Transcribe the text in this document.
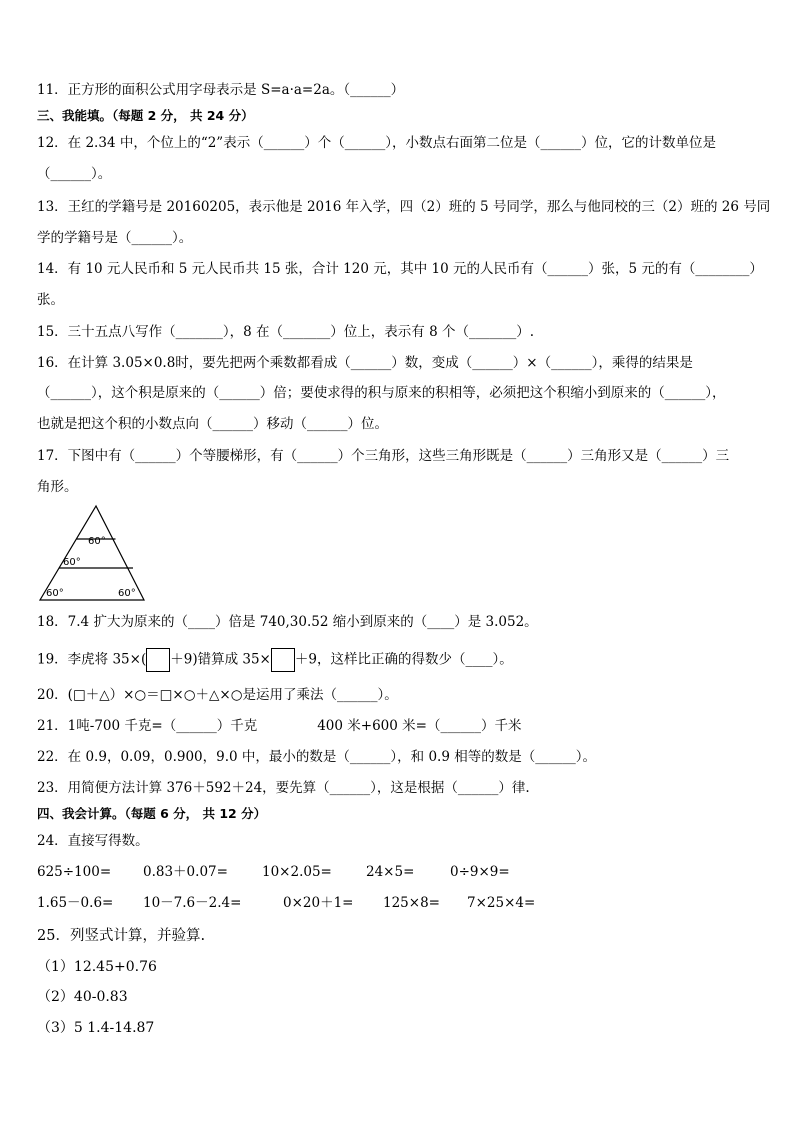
11．正方形的面积公式用字母表示是 S=a·a=2a。（______）
三、我能填。（每题 2 分， 共 24 分）
12．在 2.34 中，个位上的“2”表示（______）个（______），小数点右面第二位是（______）位，它的计数单位是
（______）。
13．王红的学籍号是 20160205，表示他是 2016 年入学，四（2）班的 5 号同学，那么与他同校的三（2）班的 26 号同
学的学籍号是（______）。
14．有 10 元人民币和 5 元人民币共 15 张，合计 120 元，其中 10 元的人民币有（______）张，5 元的有（________）
张。
15．三十五点八写作（_______），8 在（_______）位上，表示有 8 个（_______）.
16．在计算 3.05×0.8时，要先把两个乘数都看成（______）数，变成（______）×（______），乘得的结果是
（______），这个积是原来的（______）倍；要使求得的积与原来的积相等，必须把这个积缩小到原来的（______），
也就是把这个积的小数点向（______）移动（______）位。
17．下图中有（______）个等腰梯形，有（______）个三角形，这些三角形既是（______）三角形又是（______）三
角形。
60°
60°
60°	60°
18．7.4 扩大为原来的（____）倍是 740,30.52 缩小到原来的（____）是 3.052。
19．李虎将 35×( ＋9)错算成 35× ＋9，这样比正确的得数少（____）。
20．(□＋△）×○＝□×○＋△×○是运用了乘法（______）。
21．1吨-700 千克=（______）千克	400 米+600 米=（______）千米
22．在 0.9，0.09，0.900，9.0 中，最小的数是（______），和 0.9 相等的数是（______）。
23．用简便方法计算 376＋592＋24，要先算（______），这是根据（______）律.
四、我会计算。（每题 6 分， 共 12 分）
24．直接写得数。
625÷100= 0.83＋0.07=	10×2.05=	24×5=	0÷9×9=
1.65－0.6= 10－7.6－2.4=	0×20＋1= 125×8= 7×25×4=
25．列竖式计算，并验算.
（1）12.45+0.76
（2）40-0.83
（3）5 1.4-14.87
